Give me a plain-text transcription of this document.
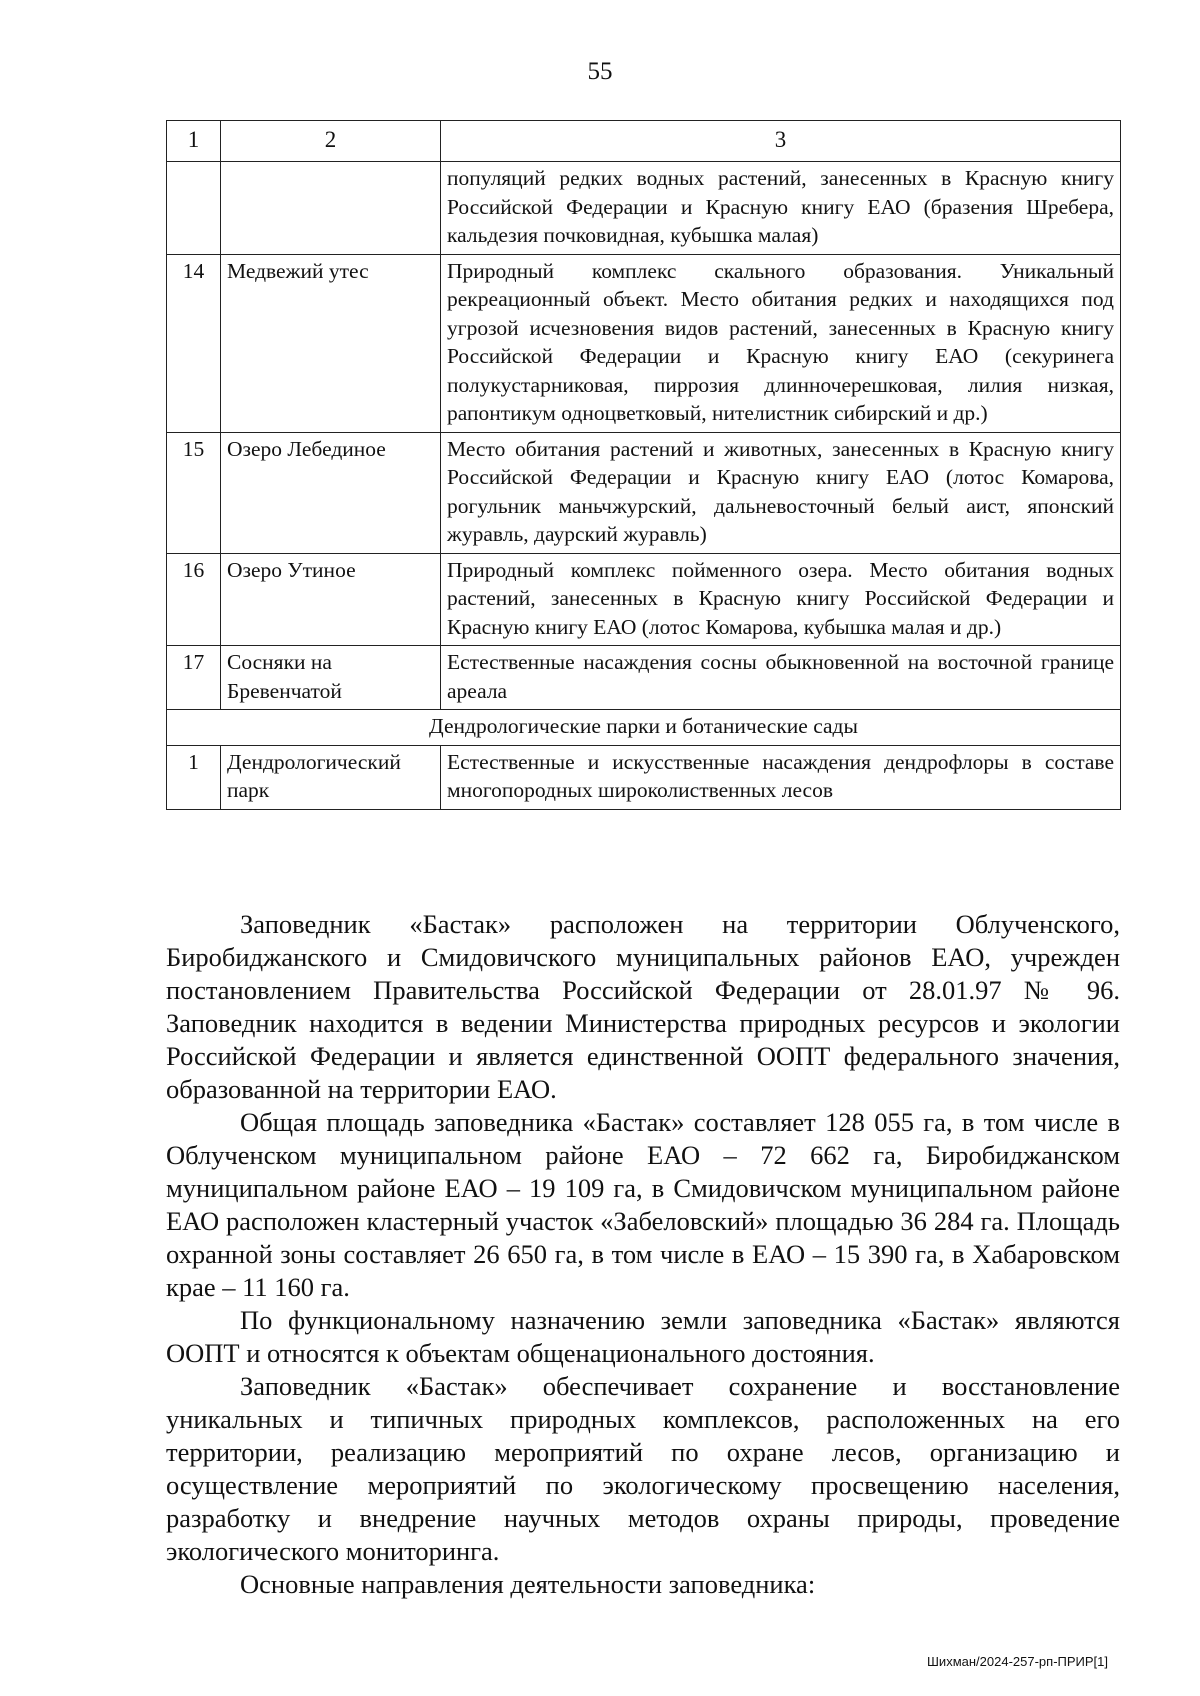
55
1	2	3
		популяций редких водных растений, занесенных в Красную книгу Российской Федерации и Красную книгу ЕАО (бразения Шребера, кальдезия почковидная, кубышка малая)
14	Медвежий утес	Природный комплекс скального образования. Уникальный рекреационный объект. Место обитания редких и находящихся под угрозой исчезновения видов растений, занесенных в Красную книгу Российской Федерации и Красную книгу ЕАО (секуринега полукустарниковая, пиррозия длинночерешковая, лилия низкая, рапонтикум одноцветковый, нителистник сибирский и др.)
15	Озеро Лебединое	Место обитания растений и животных, занесенных в Красную книгу Российской Федерации и Красную книгу ЕАО (лотос Комарова, рогульник маньчжурский, дальневосточный белый аист, японский журавль, даурский журавль)
16	Озеро Утиное	Природный комплекс пойменного озера. Место обитания водных растений, занесенных в Красную книгу Российской Федерации и Красную книгу ЕАО (лотос Комарова, кубышка малая и др.)
17	Сосняки на Бревенчатой	Естественные насаждения сосны обыкновенной на восточной границе ареала
Дендрологические парки и ботанические сады		
1	Дендрологический парк	Естественные и искусственные насаждения дендрофлоры в составе многопородных широколиственных лесов

Заповедник «Бастак» расположен на территории Облученского, Биробиджанского и Смидовичского муниципальных районов ЕАО, учрежден постановлением Правительства Российской Федерации от 28.01.97 № 96. Заповедник находится в ведении Министерства природных ресурсов и экологии Российской Федерации и является единственной ООПТ федерального значения, образованной на территории ЕАО.

Общая площадь заповедника «Бастак» составляет 128 055 га, в том числе в Облученском муниципальном районе ЕАО – 72 662 га, Биробиджанском муниципальном районе ЕАО – 19 109 га, в Смидовичском муниципальном районе ЕАО расположен кластерный участок «Забеловский» площадью 36 284 га. Площадь охранной зоны составляет 26 650 га, в том числе в ЕАО – 15 390 га, в Хабаровском крае – 11 160 га.

По функциональному назначению земли заповедника «Бастак» являются ООПТ и относятся к объектам общенационального достояния.

Заповедник «Бастак» обеспечивает сохранение и восстановление уникальных и типичных природных комплексов, расположенных на его территории, реализацию мероприятий по охране лесов, организацию и осуществление мероприятий по экологическому просвещению населения, разработку и внедрение научных методов охраны природы, проведение экологического мониторинга.

Основные направления деятельности заповедника:

Шихман/2024-257-рп-ПРИР[1]
